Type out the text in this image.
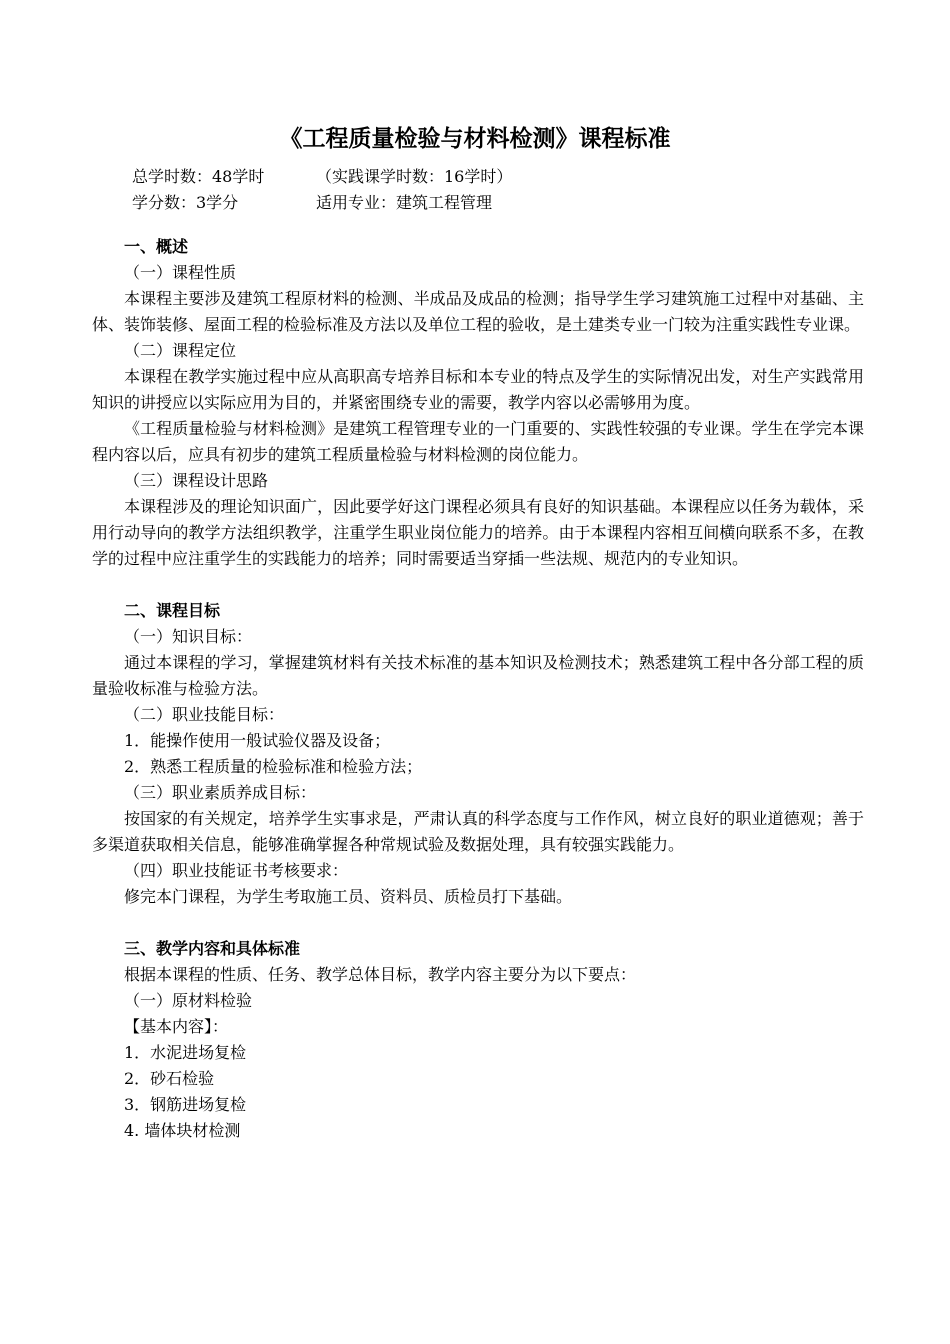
《工程质量检验与材料检测》课程标准
总学时数：48学时	（实践课学时数：16学时）
学分数：3学分	适用专业：建筑工程管理

一、概述

（一）课程性质

本课程主要涉及建筑工程原材料的检测、半成品及成品的检测；指导学生学习建筑施工过程中对基础、主体、装饰装修、屋面工程的检验标准及方法以及单位工程的验收，是土建类专业一门较为注重实践性专业课。

（二）课程定位

本课程在教学实施过程中应从高职高专培养目标和本专业的特点及学生的实际情况出发，对生产实践常用知识的讲授应以实际应用为目的，并紧密围绕专业的需要，教学内容以必需够用为度。

《工程质量检验与材料检测》是建筑工程管理专业的一门重要的、实践性较强的专业课。学生在学完本课程内容以后，应具有初步的建筑工程质量检验与材料检测的岗位能力。

（三）课程设计思路

本课程涉及的理论知识面广，因此要学好这门课程必须具有良好的知识基础。本课程应以任务为载体，采用行动导向的教学方法组织教学，注重学生职业岗位能力的培养。由于本课程内容相互间横向联系不多，在教学的过程中应注重学生的实践能力的培养；同时需要适当穿插一些法规、规范内的专业知识。

二、课程目标

（一）知识目标：

通过本课程的学习，掌握建筑材料有关技术标准的基本知识及检测技术；熟悉建筑工程中各分部工程的质量验收标准与检验方法。

（二）职业技能目标：

1．能操作使用一般试验仪器及设备；

2．熟悉工程质量的检验标准和检验方法；

（三）职业素质养成目标：

按国家的有关规定，培养学生实事求是，严肃认真的科学态度与工作作风，树立良好的职业道德观；善于多渠道获取相关信息，能够准确掌握各种常规试验及数据处理，具有较强实践能力。

（四）职业技能证书考核要求：

修完本门课程，为学生考取施工员、资料员、质检员打下基础。

三、教学内容和具体标准

根据本课程的性质、任务、教学总体目标，教学内容主要分为以下要点：

（一）原材料检验

【基本内容】：

1．水泥进场复检

2．砂石检验

3．钢筋进场复检

4. 墙体块材检测
